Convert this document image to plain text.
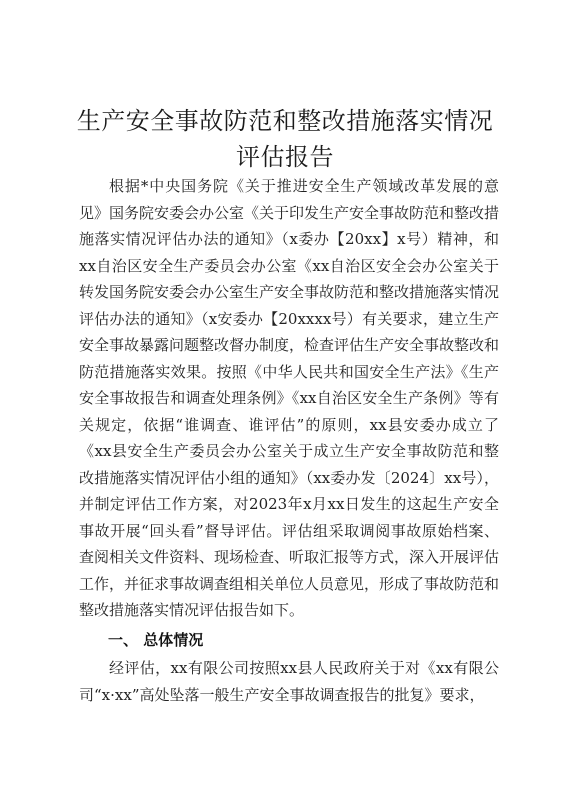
生产安全事故防范和整改措施落实情况评估报告

根据*中央国务院《关于推进安全生产领域改革发展的意见》国务院安委会办公室《关于印发生产安全事故防范和整改措施落实情况评估办法的通知》（x委办【20xx】x号）精神，和xx自治区安全生产委员会办公室《xx自治区安全会办公室关于转发国务院安委会办公室生产安全事故防范和整改措施落实情况评估办法的通知》（x安委办【20xxxx号）有关要求，建立生产安全事故暴露问题整改督办制度，检查评估生产安全事故整改和防范措施落实效果。按照《中华人民共和国安全生产法》《生产安全事故报告和调查处理条例》《xx自治区安全生产条例》等有关规定，依据“谁调查、谁评估”的原则，xx县安委办成立了《xx县安全生产委员会办公室关于成立生产安全事故防范和整改措施落实情况评估小组的通知》（xx委办发〔2024〕xx号），并制定评估工作方案，对2023年x月xx日发生的这起生产安全事故开展“回头看”督导评估。评估组采取调阅事故原始档案、查阅相关文件资料、现场检查、听取汇报等方式，深入开展评估工作，并征求事故调查组相关单位人员意见，形成了事故防范和整改措施落实情况评估报告如下。

一、 总体情况

经评估，xx有限公司按照xx县人民政府关于对《xx有限公司“x·xx”高处坠落一般生产安全事故调查报告的批复》要求，
